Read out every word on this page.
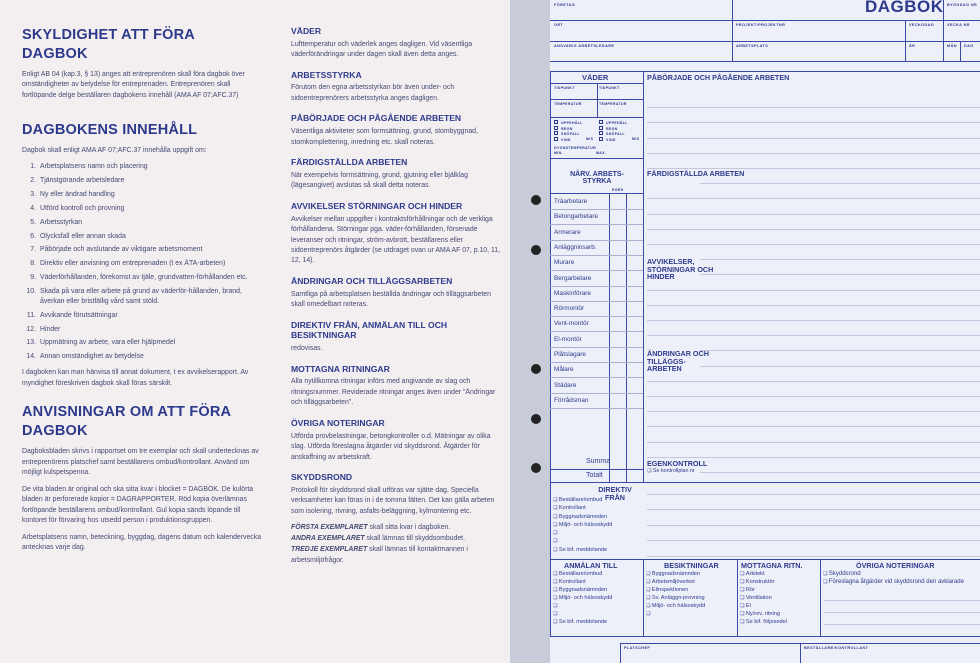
SKYLDIGHET ATT FÖRA DAGBOK

Enligt AB 04 (kap.3, § 13) anges att entreprenören skall föra dagbok över omständigheter av betydelse för entreprenaden. Entreprenören skall fortlöpande delge beställaren dagbokens innehåll (AMA AF 07;AFC.37)

DAGBOKENS INNEHÅLL

Dagbok skall enligt AMA AF 07;AFC.37 innehålla uppgift om:

1. Arbetsplatsens namn och placering
2. Tjänstgörande arbetsledare
3. Ny eller ändrad handling
4. Utförd kontroll och provning
5. Arbetsstyrkan
6. Olycksfall eller annan skada
7. Påbörjade och avslutande av viktigare arbetsmoment
8. Direktiv eller anvisning om entreprenaden (t ex ÄTA-arbeten)
9. Väderförhållanden, förekomst av tjäle, grundvatten-förhållanden etc.
10. Skada på vara eller arbete på grund av väderför-hållanden, brand, åverkan eller bristfällig vård samt stöld.
11. Avvikande förutsättningar
12. Hinder
13. Uppmätning av arbete, vara eller hjälpmedel
14. Annan omständighet av betydelse

I dagboken kan man hänvisa till annat dokument, t ex avvikelserapport. Av myndighet föreskriven dagbok skall föras särskilt.

ANVISNINGAR OM ATT FÖRA DAGBOK

Dagboksbladen skrivs i rapportset om tre exemplar och skall undertecknas av entreprenörens platschef samt beställarens ombud/kontrollant. Använd om möjligt kulspetspenna.

De vita bladen är original och ska sitta kvar i blocket = DAGBOK. De kulörta bladen är perforerade kopior = DAGRAPPORTER. Röd kopia överlämnas fortlöpande beställarens ombud/kontrollant. Gul kopia sänds löpande till kontoret för förvaring hos utsedd person i produktionsgruppen.

Arbetsplatsens namn, beteckning, byggdag, dagens datum och kalendervecka antecknas varje dag.

VÄDER

Lufttemperatur och väderlek anges dagligen. Vid väsentliga väderförändringar under dagen skall även detta anges.

ARBETSSTYRKA

Förutom den egna arbetsstyrkan bör även under- och sidoentreprenörers arbetsstyrka anges dagligen.

PÅBÖRJADE OCH PÅGÅENDE ARBETEN

Väsentliga aktiviteter som formsättning, grund, stombyggnad, stomkomplettering, inredning etc. skall noteras.

FÄRDIGSTÄLLDA ARBETEN

När exempelvis formsättning, grund, gjutning eller bjälklag (lägesangivet) avslutas så skall detta noteras.

AVVIKELSER STÖRNINGAR OCH HINDER

Avvikelser mellan uppgifter i kontraktsförhållningar och de verkliga förhållandena. Störningar pga. väder-förhållanden, försenade leveranser och ritningar, ström-avbrott, beställarens eller sidoentreprenörs åtgärder (se utdraget ovan ur AMA AF 07, p.10, 11, 12, 14).

ÄNDRINGAR OCH TILLÄGGSARBETEN

Samtliga på arbetsplatsen beställda ändringar och tilläggsarbeten skall omedelbart noteras.

DIREKTIV FRÅN, ANMÄLAN TILL OCH BESIKTNINGAR

redovisas.

MOTTAGNA RITNINGAR

Alla nytillkomna ritningar införs med angivande av slag och ritningsnummer. Reviderade ritningar anges även under "Ändringar och tilläggsarbeten".

ÖVRIGA NOTERINGAR

Utförda provbelastningar, betongkontroller o.d. Mätningar av olika slag. Utförda föreslagna åtgärder vid skyddsrond. Åtgärder för anskaffning av arbetskraft.

SKYDDSROND

Protokoll för skyddsrond skall utföras var sjätte dag. Speciella verksamheter kan föras in i de tomma fälten. Det kan gälla arbeten som isolering, rivning, asfalts-beläggning, kylmontering etc.

FÖRSTA EXEMPLARET skall sitta kvar i dagboken.
ANDRA EXEMPLARET skall lämnas till skyddsombudet.
TREDJE EXEMPLARET skall lämnas till kontaktmannen i arbetsmiljöfrågor.
FÖRETAG	DAGBOK BYGGDAG NR
ORT	PROJEKT/PROJEKTNR	VECKODAG	VECKA NR
ANSVARIG ARBETSLEDARE	ARBETSPLATS	ÅR	MÅN DAG
VÄDER
TIDPUNKT	TIDPUNKT
TEMPERATUR	TEMPERATUR
UPPEHÅLL	UPPEHÅLL
REGN	REGN
SNÖFALL	SNÖFALL
VIND	VIND
M/S	M/S
DYGNSTEMPERATUR
MIN.	MAX.
NÄRV. ARBETS-STYRKA
EGEN
Träarbetare
Betongarbetare
Armerare
Anläggninsarb.
Murare
Bergarbetare
Maskinförare
Rörmontör
Vent-montör
El-montör
Plåtslagare
Målare
Städare
Förrådsman
Summa
Totalt
PÅBÖRJADE OCH PÅGÅENDE ARBETEN
FÄRDIGSTÄLLDA ARBETEN
AVVIKELSER, STÖRNINGAR OCH HINDER
ÄNDRINGAR OCH TILLÄGGS-ARBETEN
EGENKONTROLL
❑ Se kontrollplan nr
DIREKTIV FRÅN
❑ Beställare/ombud
❑ Kontrollant
❑ Byggnadsnämnden
❑ Miljö- och hälsoskydd
❑
❑
❑ Se bif. meddelande
ANMÄLAN TILL
❑ Beställare/ombud
❑ Kontrollant
❑ Byggnadsnämnden
❑ Miljö- och hälsoskydd
❑
❑
❑ Se bif. meddelande
BESIKTNINGAR
❑ Byggnadsnämnden
❑ Arbetsmiljöverket
❑ Elinspektionen
❑ Sv. Anläggn-provning
❑ Miljö- och hälsoskydd
❑
MOTTAGNA RITN.
❑ Arkitekt
❑ Konstruktör
❑ Rör
❑ Ventilation
❑ El
❑ Ny/rev. ritning
❑ Se bif. följesedel
ÖVRIGA NOTERINGAR
❑ Skyddsrond
❑ Föreslagna åtgärder vid skyddsrond den avklarade
PLATSCHEF	BESTÄLLARE/KONTROLLANT
